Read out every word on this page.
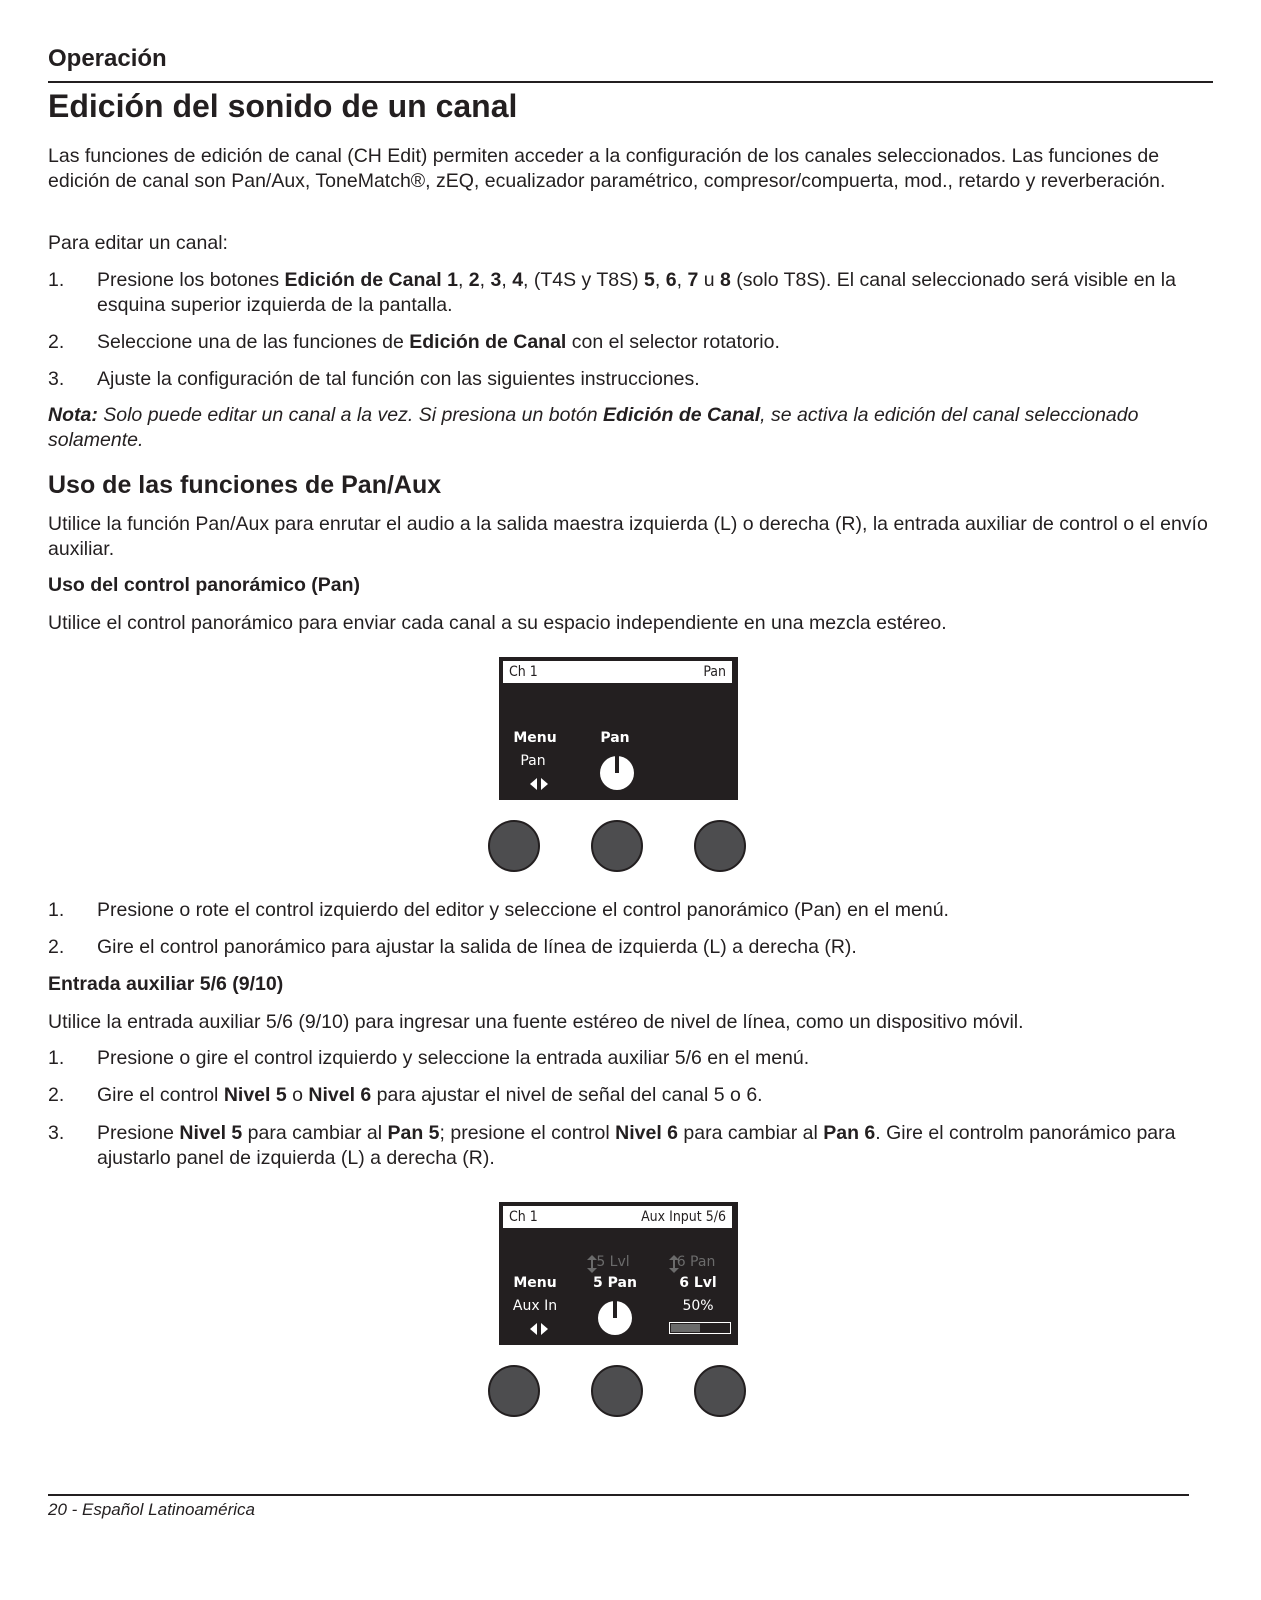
Operación
Edición del sonido de un canal

Las funciones de edición de canal (CH Edit) permiten acceder a la configuración de los canales seleccionados. Las funciones de edición de canal son Pan/Aux, ToneMatch®, zEQ, ecualizador paramétrico, compresor/compuerta, mod., retardo y reverberación.

Para editar un canal:

1. Presione los botones Edición de Canal 1, 2, 3, 4, (T4S y T8S) 5, 6, 7 u 8 (solo T8S). El canal seleccionado será visible en la esquina superior izquierda de la pantalla.
2. Seleccione una de las funciones de Edición de Canal con el selector rotatorio.
3. Ajuste la configuración de tal función con las siguientes instrucciones.

Nota: Solo puede editar un canal a la vez. Si presiona un botón Edición de Canal, se activa la edición del canal seleccionado solamente.

Uso de las funciones de Pan/Aux

Utilice la función Pan/Aux para enrutar el audio a la salida maestra izquierda (L) o derecha (R), la entrada auxiliar de control o el envío auxiliar.

Uso del control panorámico (Pan)

Utilice el control panorámico para enviar cada canal a su espacio independiente en una mezcla estéreo.

1. Presione o rote el control izquierdo del editor y seleccione el control panorámico (Pan) en el menú.
2. Gire el control panorámico para ajustar la salida de línea de izquierda (L) a derecha (R).
Entrada auxiliar 5/6 (9/10)

Utilice la entrada auxiliar 5/6 (9/10) para ingresar una fuente estéreo de nivel de línea, como un dispositivo móvil.

1. Presione o gire el control izquierdo y seleccione la entrada auxiliar 5/6 en el menú.
2. Gire el control Nivel 5 o Nivel 6 para ajustar el nivel de señal del canal 5 o 6.
3. Presione Nivel 5 para cambiar al Pan 5; presione el control Nivel 6 para cambiar al Pan 6. Gire el controlm panorámico para ajustarlo panel de izquierda (L) a derecha (R).
20 - Español Latinoamérica
Ch 1	Pan
Menu
Pan
Pan
Ch 1	Aux Input 5/6
5 Lvl	6 Pan
Menu
Aux In
5 Pan	6 Lvl
50%
